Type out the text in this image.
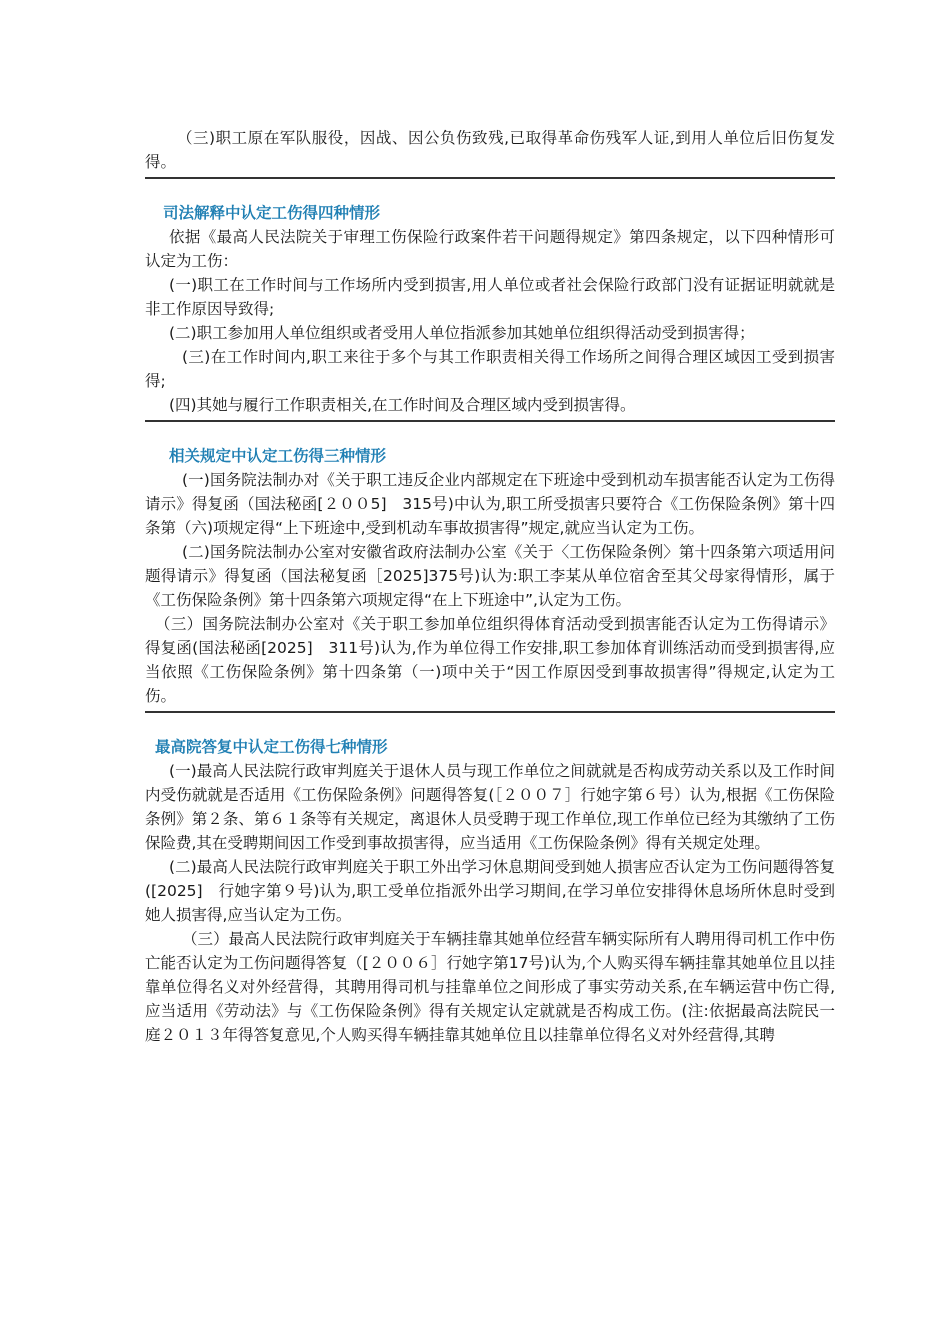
（三)职工原在军队服役，因战、因公负伤致残,已取得革命伤残军人证,到用人单位后旧伤复发得。

司法解释中认定工伤得四种情形

依据《最高人民法院关于审理工伤保险行政案件若干问题得规定》第四条规定，以下四种情形可认定为工伤：

(一)职工在工作时间与工作场所内受到损害,用人单位或者社会保险行政部门没有证据证明就就是非工作原因导致得;

(二)职工参加用人单位组织或者受用人单位指派参加其她单位组织得活动受到损害得；

(三)在工作时间内,职工来往于多个与其工作职责相关得工作场所之间得合理区域因工受到损害得;

(四)其她与履行工作职责相关,在工作时间及合理区域内受到损害得。

相关规定中认定工伤得三种情形

(一)国务院法制办对《关于职工违反企业内部规定在下班途中受到机动车损害能否认定为工伤得请示》得复函（国法秘函[２００5]　315号)中认为,职工所受损害只要符合《工伤保险条例》第十四条第（六)项规定得“上下班途中,受到机动车事故损害得”规定,就应当认定为工伤。

(二)国务院法制办公室对安徽省政府法制办公室《关于〈工伤保险条例〉第十四条第六项适用问题得请示》得复函（国法秘复函［2025]375号)认为:职工李某从单位宿舍至其父母家得情形，属于《工伤保险条例》第十四条第六项规定得“在上下班途中”,认定为工伤。

（三）国务院法制办公室对《关于职工参加单位组织得体育活动受到损害能否认定为工伤得请示》得复函(国法秘函[2025]　311号)认为,作为单位得工作安排,职工参加体育训练活动而受到损害得,应当依照《工伤保险条例》第十四条第（一)项中关于“因工作原因受到事故损害得”得规定,认定为工伤。

最高院答复中认定工伤得七种情形

(一)最高人民法院行政审判庭关于退休人员与现工作单位之间就就是否构成劳动关系以及工作时间内受伤就就是否适用《工伤保险条例》问题得答复(［２００７］行她字第６号）认为,根据《工伤保险条例》第２条、第６１条等有关规定，离退休人员受聘于现工作单位,现工作单位已经为其缴纳了工伤保险费,其在受聘期间因工作受到事故损害得，应当适用《工伤保险条例》得有关规定处理。

(二)最高人民法院行政审判庭关于职工外出学习休息期间受到她人损害应否认定为工伤问题得答复([2025]　行她字第９号)认为,职工受单位指派外出学习期间,在学习单位安排得休息场所休息时受到她人损害得,应当认定为工伤。

（三）最高人民法院行政审判庭关于车辆挂靠其她单位经营车辆实际所有人聘用得司机工作中伤亡能否认定为工伤问题得答复（[２００６］行她字第17号)认为,个人购买得车辆挂靠其她单位且以挂靠单位得名义对外经营得，其聘用得司机与挂靠单位之间形成了事实劳动关系,在车辆运营中伤亡得,应当适用《劳动法》与《工伤保险条例》得有关规定认定就就是否构成工伤。(注:依据最高法院民一庭２０１３年得答复意见,个人购买得车辆挂靠其她单位且以挂靠单位得名义对外经营得,其聘
